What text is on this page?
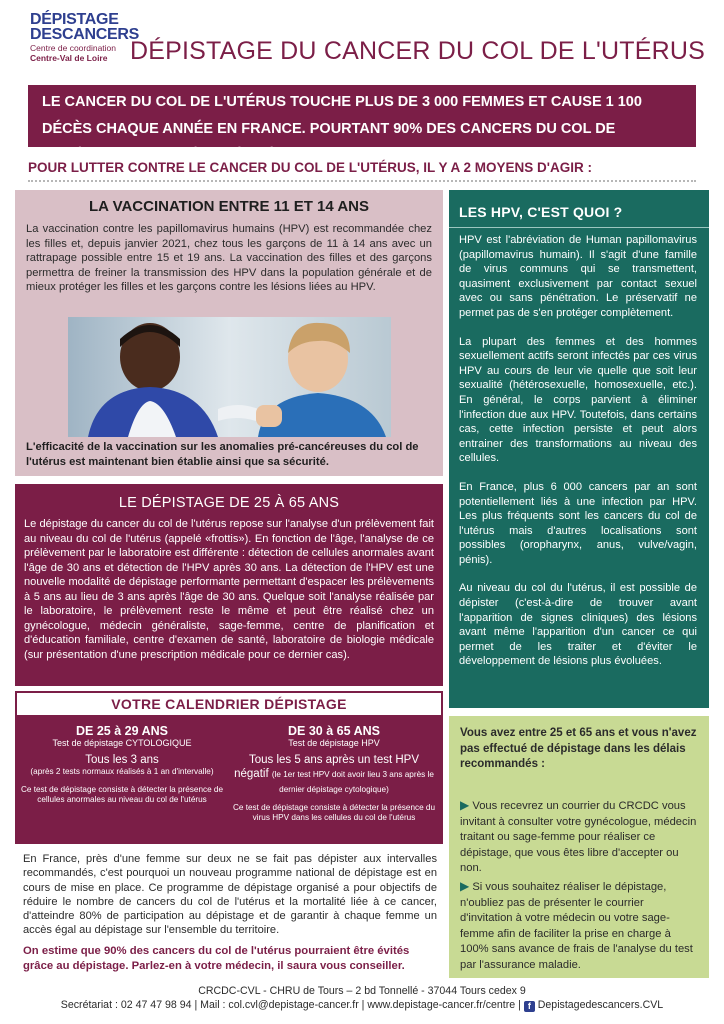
DÉPISTAGE
DESCANCERS
Centre de coordination
Centre-Val de Loire DÉPISTAGE DU CANCER DU COL DE L'UTÉRUS
LE CANCER DU COL DE L'UTÉRUS TOUCHE PLUS DE 3 000 FEMMES ET CAUSE 1 100 DÉCÈS CHAQUE ANNÉE EN FRANCE. POURTANT 90% DES CANCERS DU COL DE L'UTÉRUS PEUVENT ÊTRE ÉVITÉS.
POUR LUTTER CONTRE LE CANCER DU COL DE L'UTÉRUS, IL Y A 2 MOYENS D'AGIR :
LA VACCINATION ENTRE 11 ET 14 ANS
La vaccination contre les papillomavirus humains (HPV) est recommandée chez les filles et, depuis janvier 2021, chez tous les garçons de 11 à 14 ans avec un rattrapage possible entre 15 et 19 ans. La vaccination des filles et des garçons permettra de freiner la transmission des HPV dans la population générale et de mieux protéger les filles et les garçons contre les lésions liées au HPV.
L'efficacité de la vaccination sur les anomalies pré-cancéreuses du col de l'utérus est maintenant bien établie ainsi que sa sécurité.
LES HPV, C'EST QUOI ?

HPV est l'abréviation de Human papillomavirus (papillomavirus humain). Il s'agit d'une famille de virus communs qui se transmettent, quasiment exclusivement par contact sexuel avec ou sans pénétration. Le préservatif ne permet pas de s'en protéger complètement.

La plupart des femmes et des hommes sexuellement actifs seront infectés par ces virus HPV au cours de leur vie quelle que soit leur sexualité (hétérosexuelle, homosexuelle, etc.). En général, le corps parvient à éliminer l'infection due aux HPV. Toutefois, dans certains cas, cette infection persiste et peut alors entrainer des transformations au niveau des cellules.

En France, plus 6 000 cancers par an sont potentiellement liés à une infection par HPV. Les plus fréquents sont les cancers du col de l'utérus mais d'autres localisations sont possibles (oropharynx, anus, vulve/vagin, pénis).

Au niveau du col du l'utérus, il est possible de dépister (c'est-à-dire de trouver avant l'apparition de signes cliniques) des lésions avant même l'apparition d'un cancer ce qui permet de les traiter et d'éviter le développement de lésions plus évoluées.

LE DÉPISTAGE DE 25 À 65 ANS
Le dépistage du cancer du col de l'utérus repose sur l'analyse d'un prélèvement fait au niveau du col de l'utérus (appelé «frottis»). En fonction de l'âge, l'analyse de ce prélèvement par le laboratoire est différente : détection de cellules anormales avant l'âge de 30 ans et détection de l'HPV après 30 ans. La détection de l'HPV est une nouvelle modalité de dépistage performante permettant d'espacer les prélèvements à 5 ans au lieu de 3 ans après l'âge de 30 ans. Quelque soit l'analyse réalisée par le laboratoire, le prélèvement reste le même et peut être réalisé chez un gynécologue, médecin généraliste, sage-femme, centre de planification et d'éducation familiale, centre d'examen de santé, laboratoire de biologie médicale (sur présentation d'une prescription médicale pour ce dernier cas).
VOTRE CALENDRIER DÉPISTAGE
DE 25 à 29 ANS
Test de dépistage CYTOLOGIQUE
Tous les 3 ans
(après 2 tests normaux réalisés à 1 an d'intervalle)
Ce test de dépistage consiste à détecter la présence de cellules anormales au niveau du col de l'utérus
DE 30 à 65 ANS
Test de dépistage HPV
Tous les 5 ans après un test HPV
négatif (le 1er test HPV doit avoir lieu 3 ans après le dernier dépistage cytologique)
Ce test de dépistage consiste à détecter la présence du virus HPV dans les cellules du col de l'utérus
En France, près d'une femme sur deux ne se fait pas dépister aux intervalles recommandés, c'est pourquoi un nouveau programme national de dépistage est en cours de mise en place. Ce programme de dépistage organisé a pour objectifs de réduire le nombre de cancers du col de l'utérus et la mortalité liée à ce cancer, d'atteindre 80% de participation au dépistage et de garantir à chaque femme un accès égal au dépistage sur l'ensemble du territoire.
On estime que 90% des cancers du col de l'utérus pourraient être évités grâce au dépistage. Parlez-en à votre médecin, il saura vous conseiller.
Vous avez entre 25 et 65 ans et vous n'avez pas effectué de dépistage dans les délais recommandés :
▶ Vous recevrez un courrier du CRCDC vous invitant à consulter votre gynécologue, médecin traitant ou sage-femme pour réaliser ce dépistage, que vous êtes libre d'accepter ou non.
▶ Si vous souhaitez réaliser le dépistage, n'oubliez pas de présenter le courrier d'invitation à votre médecin ou votre sage-femme afin de faciliter la prise en charge à 100% sans avance de frais de l'analyse du test par l'assurance maladie.
CRCDC-CVL - CHRU de Tours – 2 bd Tonnellé - 37044 Tours cedex 9
Secrétariat : 02 47 47 98 94 | Mail : col.cvl@depistage-cancer.fr | www.depistage-cancer.fr/centre | f Depistagedescancers.CVL
